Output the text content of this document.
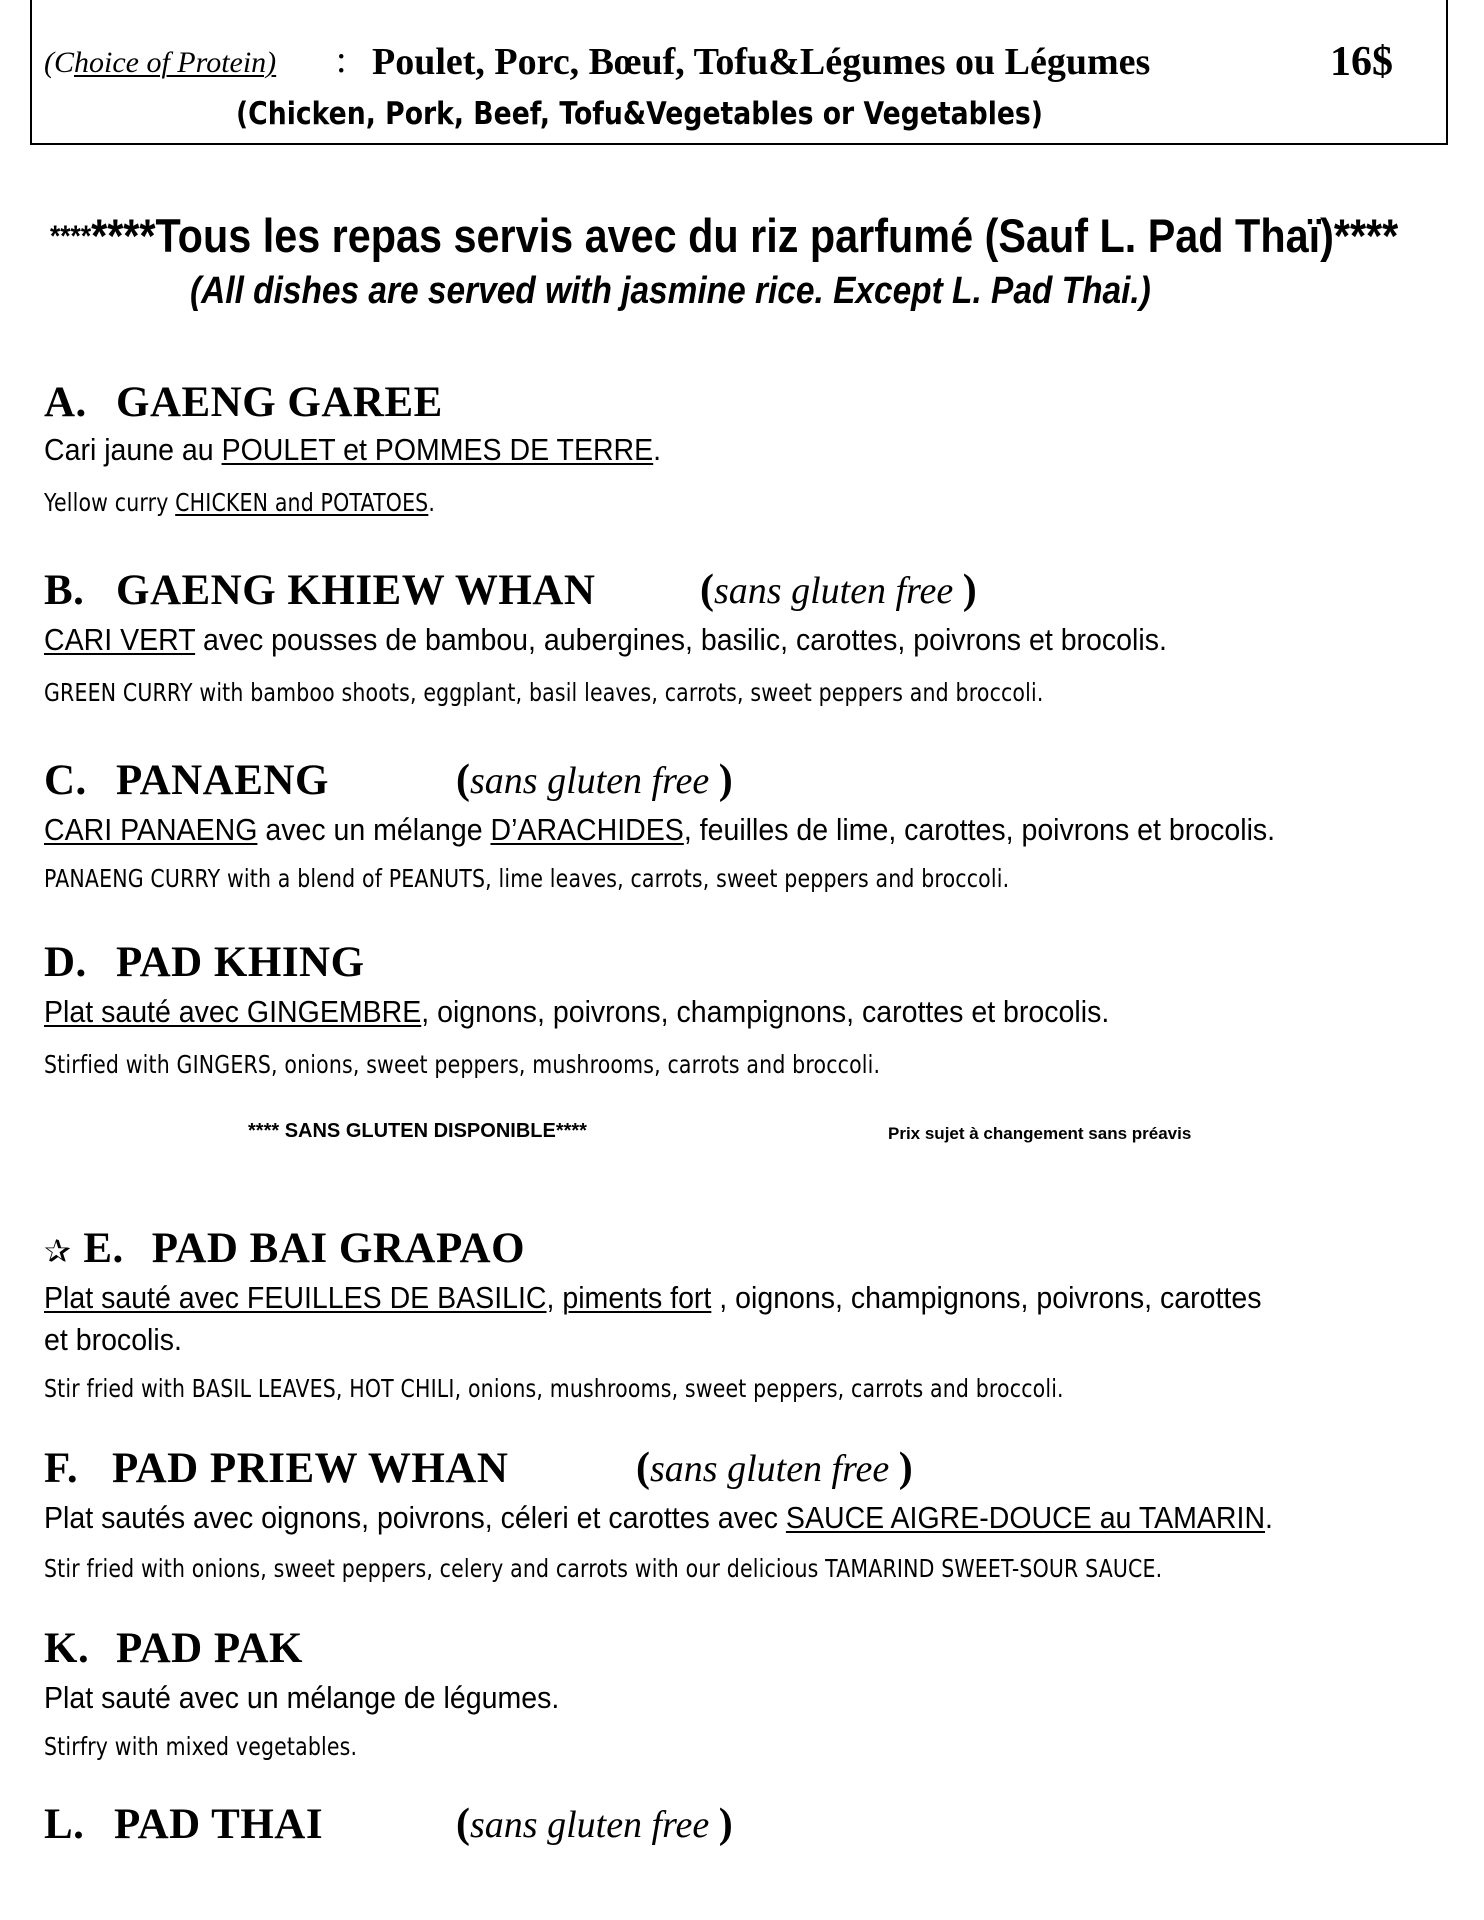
(Choice of Protein) : Poulet, Porc, Bœuf, Tofu&Légumes ou Légumes	16$
(Chicken, Pork, Beef, Tofu&Vegetables or Vegetables)
********Tous les repas servis avec du riz parfumé (Sauf L. Pad Thaï)****
(All dishes are served with jasmine rice. Except L. Pad Thai.)
A. GAENG GAREE
Cari jaune au POULET et POMMES DE TERRE.
Yellow curry CHICKEN and POTATOES.
B. GAENG KHIEW WHAN (sans gluten free )
CARI VERT avec pousses de bambou, aubergines, basilic, carottes, poivrons et brocolis.
GREEN CURRY with bamboo shoots, eggplant, basil leaves, carrots, sweet peppers and broccoli.
C. PANAENG	(sans gluten free )
CARI PANAENG avec un mélange D’ARACHIDES, feuilles de lime, carottes, poivrons et brocolis.
PANAENG CURRY with a blend of PEANUTS, lime leaves, carrots, sweet peppers and broccoli.
D. PAD KHING
Plat sauté avec GINGEMBRE, oignons, poivrons, champignons, carottes et brocolis.
Stirfied with GINGERS, onions, sweet peppers, mushrooms, carrots and broccoli.
**** SANS GLUTEN DISPONIBLE****	Prix sujet à changement sans préavis
✰ E. PAD BAI GRAPAO
Plat sauté avec FEUILLES DE BASILIC, piments fort , oignons, champignons, poivrons, carottes
et brocolis.
Stir fried with BASIL LEAVES, HOT CHILI, onions, mushrooms, sweet peppers, carrots and broccoli.
F. PAD PRIEW WHAN	(sans gluten free )
Plat sautés avec oignons, poivrons, céleri et carottes avec SAUCE AIGRE-DOUCE au TAMARIN.
Stir fried with onions, sweet peppers, celery and carrots with our delicious TAMARIND SWEET-SOUR SAUCE.
K. PAD PAK
Plat sauté avec un mélange de légumes.
Stirfry with mixed vegetables.
L. PAD THAI	(sans gluten free )
